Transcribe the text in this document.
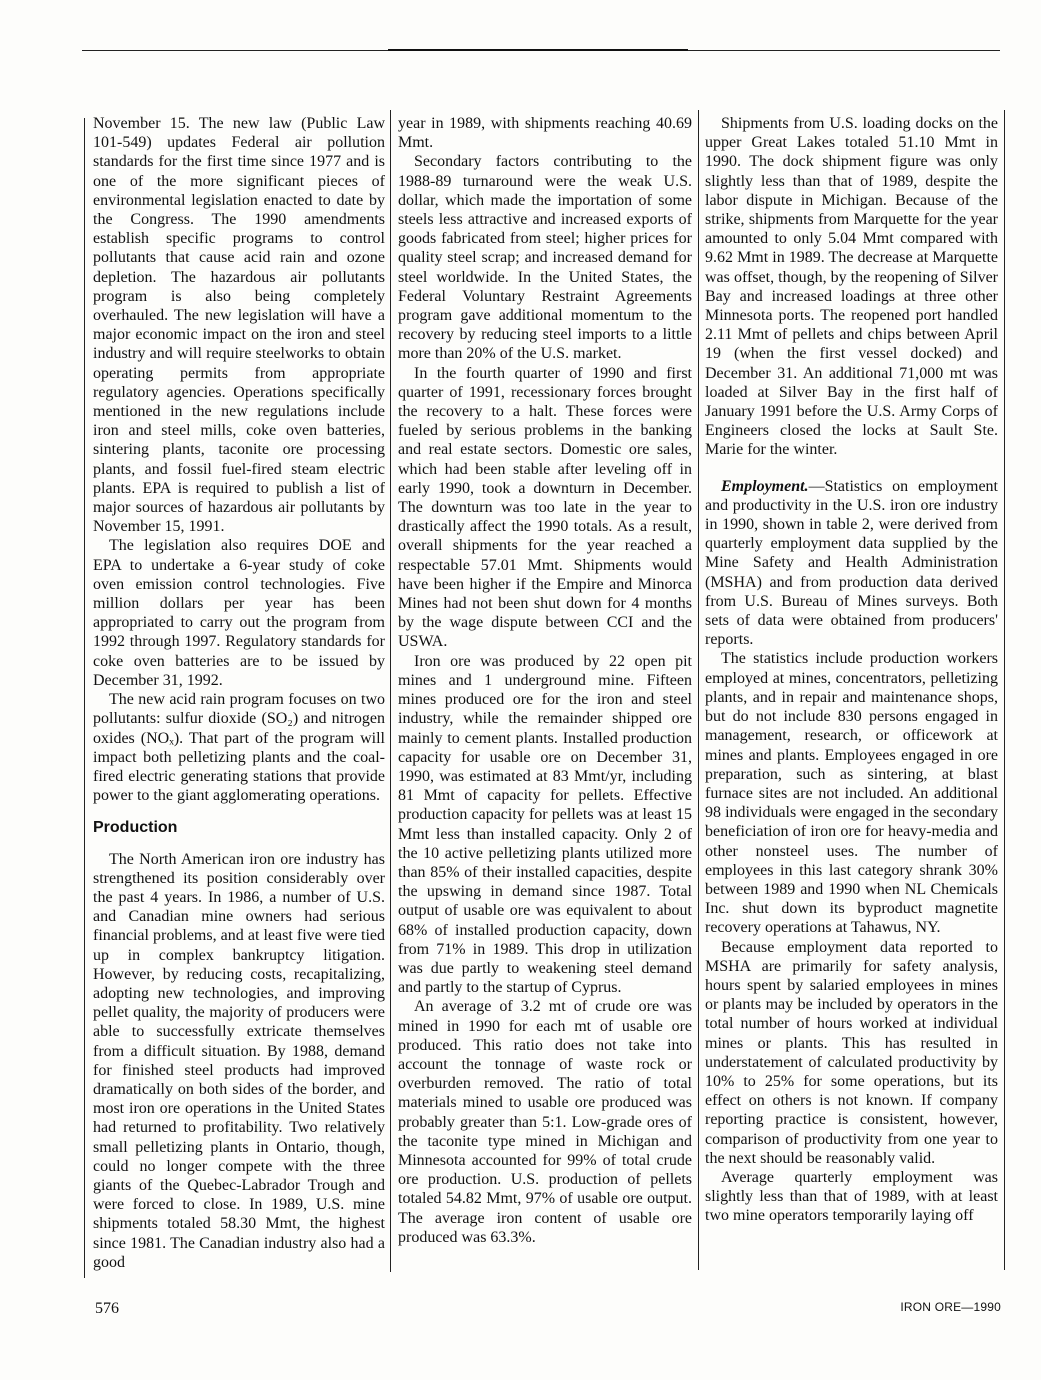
November 15. The new law (Public Law 101-549) updates Federal air pollution standards for the first time since 1977 and is one of the more significant pieces of environmental legislation enacted to date by the Congress. The 1990 amendments establish specific programs to control pollutants that cause acid rain and ozone depletion. The hazardous air pollutants program is also being completely overhauled. The new legislation will have a major economic impact on the iron and steel industry and will require steelworks to obtain operating permits from appropriate regulatory agencies. Operations specifically mentioned in the new regulations include iron and steel mills, coke oven batteries, sintering plants, taconite ore processing plants, and fossil fuel-fired steam electric plants. EPA is required to publish a list of major sources of hazardous air pollutants by November 15, 1991.

The legislation also requires DOE and EPA to undertake a 6-year study of coke oven emission control technologies. Five million dollars per year has been appropriated to carry out the program from 1992 through 1997. Regulatory standards for coke oven batteries are to be issued by December 31, 1992.

The new acid rain program focuses on two pollutants: sulfur dioxide (SO₂) and nitrogen oxides (NOₓ). That part of the program will impact both pelletizing plants and the coal-fired electric generating stations that provide power to the giant agglomerating operations.

Production

The North American iron ore industry has strengthened its position considerably over the past 4 years. In 1986, a number of U.S. and Canadian mine owners had serious financial problems, and at least five were tied up in complex bankruptcy litigation. However, by reducing costs, recapitalizing, adopting new technologies, and improving pellet quality, the majority of producers were able to successfully extricate themselves from a difficult situation. By 1988, demand for finished steel products had improved dramatically on both sides of the border, and most iron ore operations in the United States had returned to profitability. Two relatively small pelletizing plants in Ontario, though, could no longer compete with the three giants of the Quebec-Labrador Trough and were forced to close. In 1989, U.S. mine shipments totaled 58.30 Mmt, the highest since 1981. The Canadian industry also had a good

year in 1989, with shipments reaching 40.69 Mmt.

Secondary factors contributing to the 1988-89 turnaround were the weak U.S. dollar, which made the importation of some steels less attractive and increased exports of goods fabricated from steel; higher prices for quality steel scrap; and increased demand for steel worldwide. In the United States, the Federal Voluntary Restraint Agreements program gave additional momentum to the recovery by reducing steel imports to a little more than 20% of the U.S. market.

In the fourth quarter of 1990 and first quarter of 1991, recessionary forces brought the recovery to a halt. These forces were fueled by serious problems in the banking and real estate sectors. Domestic ore sales, which had been stable after leveling off in early 1990, took a downturn in December. The downturn was too late in the year to drastically affect the 1990 totals. As a result, overall shipments for the year reached a respectable 57.01 Mmt. Shipments would have been higher if the Empire and Minorca Mines had not been shut down for 4 months by the wage dispute between CCI and the USWA.

Iron ore was produced by 22 open pit mines and 1 underground mine. Fifteen mines produced ore for the iron and steel industry, while the remainder shipped ore mainly to cement plants. Installed production capacity for usable ore on December 31, 1990, was estimated at 83 Mmt/yr, including 81 Mmt of capacity for pellets. Effective production capacity for pellets was at least 15 Mmt less than installed capacity. Only 2 of the 10 active pelletizing plants utilized more than 85% of their installed capacities, despite the upswing in demand since 1987. Total output of usable ore was equivalent to about 68% of installed production capacity, down from 71% in 1989. This drop in utilization was due partly to weakening steel demand and partly to the startup of Cyprus.

An average of 3.2 mt of crude ore was mined in 1990 for each mt of usable ore produced. This ratio does not take into account the tonnage of waste rock or overburden removed. The ratio of total materials mined to usable ore produced was probably greater than 5:1. Low-grade ores of the taconite type mined in Michigan and Minnesota accounted for 99% of total crude ore production. U.S. production of pellets totaled 54.82 Mmt, 97% of usable ore output. The average iron content of usable ore produced was 63.3%.

Shipments from U.S. loading docks on the upper Great Lakes totaled 51.10 Mmt in 1990. The dock shipment figure was only slightly less than that of 1989, despite the labor dispute in Michigan. Because of the strike, shipments from Marquette for the year amounted to only 5.04 Mmt compared with 9.62 Mmt in 1989. The decrease at Marquette was offset, though, by the reopening of Silver Bay and increased loadings at three other Minnesota ports. The reopened port handled 2.11 Mmt of pellets and chips between April 19 (when the first vessel docked) and December 31. An additional 71,000 mt was loaded at Silver Bay in the first half of January 1991 before the U.S. Army Corps of Engineers closed the locks at Sault Ste. Marie for the winter.

Employment.—Statistics on employment and productivity in the U.S. iron ore industry in 1990, shown in table 2, were derived from quarterly employment data supplied by the Mine Safety and Health Administration (MSHA) and from production data derived from U.S. Bureau of Mines surveys. Both sets of data were obtained from producers' reports.

The statistics include production workers employed at mines, concentrators, pelletizing plants, and in repair and maintenance shops, but do not include 830 persons engaged in management, research, or officework at mines and plants. Employees engaged in ore preparation, such as sintering, at blast furnace sites are not included. An additional 98 individuals were engaged in the secondary beneficiation of iron ore for heavy-media and other nonsteel uses. The number of employees in this last category shrank 30% between 1989 and 1990 when NL Chemicals Inc. shut down its byproduct magnetite recovery operations at Tahawus, NY.

Because employment data reported to MSHA are primarily for safety analysis, hours spent by salaried employees in mines or plants may be included by operators in the total number of hours worked at individual mines or plants. This has resulted in understatement of calculated productivity by 10% to 25% for some operations, but its effect on others is not known. If company reporting practice is consistent, however, comparison of productivity from one year to the next should be reasonably valid.

Average quarterly employment was slightly less than that of 1989, with at least two mine operators temporarily laying off

576	IRON ORE—1990
